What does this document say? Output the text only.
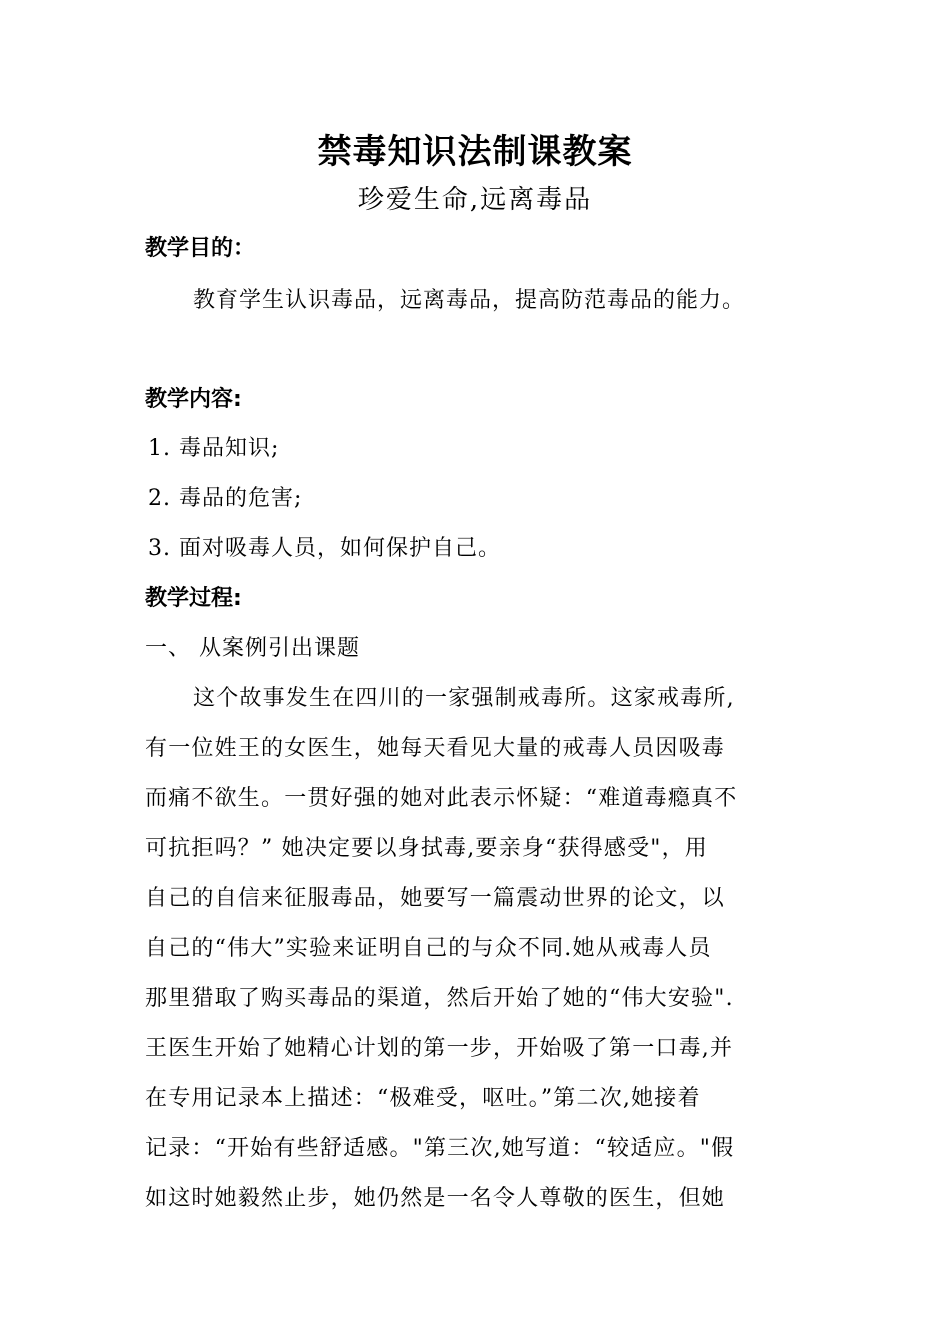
禁毒知识法制课教案
珍爱生命,远离毒品
教学目的：
教育学生认识毒品，远离毒品，提高防范毒品的能力。
教学内容:
1. 毒品知识;
2. 毒品的危害;
3. 面对吸毒人员，如何保护自己。
教学过程:
一、 从案例引出课题
这个故事发生在四川的一家强制戒毒所。这家戒毒所,
有一位姓王的女医生，她每天看见大量的戒毒人员因吸毒
而痛不欲生。一贯好强的她对此表示怀疑：“难道毒瘾真不
可抗拒吗？” 她决定要以身拭毒,要亲身“获得感受"，用
自己的自信来征服毒品，她要写一篇震动世界的论文，以
自己的“伟大”实验来证明自己的与众不同.她从戒毒人员
那里猎取了购买毒品的渠道，然后开始了她的“伟大安验".
王医生开始了她精心计划的第一步，开始吸了第一口毒,并
在专用记录本上描述：“极难受，呕吐。”第二次,她接着
记录：“开始有些舒适感。"第三次,她写道：“较适应。"假
如这时她毅然止步，她仍然是一名令人尊敬的医生，但她
